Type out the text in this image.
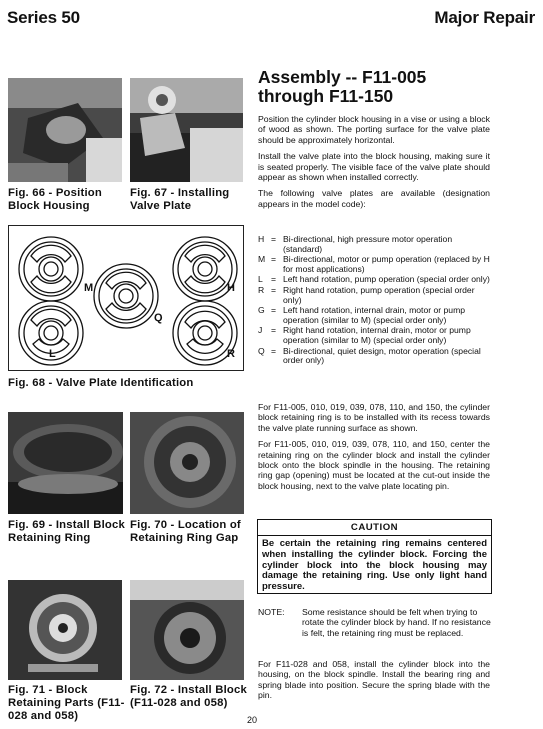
Series 50	Major Repair
Fig. 66 - Position Block Housing
Fig. 67 - Installing Valve Plate
M	H
Q
L	R
Fig. 68 - Valve Plate Identification
Fig. 69 - Install Block Retaining Ring
Fig. 70 - Location of Retaining Ring Gap
Fig. 71 - Block Retaining Parts (F11-028 and 058)
Fig. 72 - Install Block (F11-028 and 058)
Assembly -- F11-005
through F11-150

Position the cylinder block housing in a vise or using a block of wood as shown. The porting surface for the valve plate should be approximately horizontal.

Install the valve plate into the block housing, making sure it is seated properly. The visible face of the valve plate should appear as shown when installed correctly.

The following valve plates are available (designation appears in the model code):

H = Bi-directional, high pressure motor operation (standard)
M = Bi-directional, motor or pump operation (replaced by H for most applications)
L = Left hand rotation, pump operation (special order only)
R = Right hand rotation, pump operation (special order only)
G = Left hand rotation, internal drain, motor or pump operation (similar to M) (special order only)
J	= Right hand rotation, internal drain, motor or pump operation (similar to M) (special order only)
Q = Bi-directional, quiet design, motor operation (special order only)

For F11-005, 010, 019, 039, 078, 110, and 150, the cylinder block retaining ring is to be installed with its recess towards the valve plate running surface as shown.

For F11-005, 010, 019, 039, 078, 110, and 150, center the retaining ring on the cylinder block and install the cylinder block onto the block spindle in the housing. The retaining ring gap (opening) must be located at the cut-out inside the block housing, next to the valve plate locating pin.

CAUTION
Be certain the retaining ring remains centered when installing the cylinder block. Forcing the cylinder block into the block housing may damage the retaining ring. Use only light hand pressure.
NOTE:	Some resistance should be felt when trying to rotate the cylinder block by hand. If no resistance is felt, the retaining ring must be replaced.
For F11-028 and 058, install the cylinder block into the housing, on the block spindle. Install the bearing ring and spring blade into position. Secure the spring blade with the pin.
20
